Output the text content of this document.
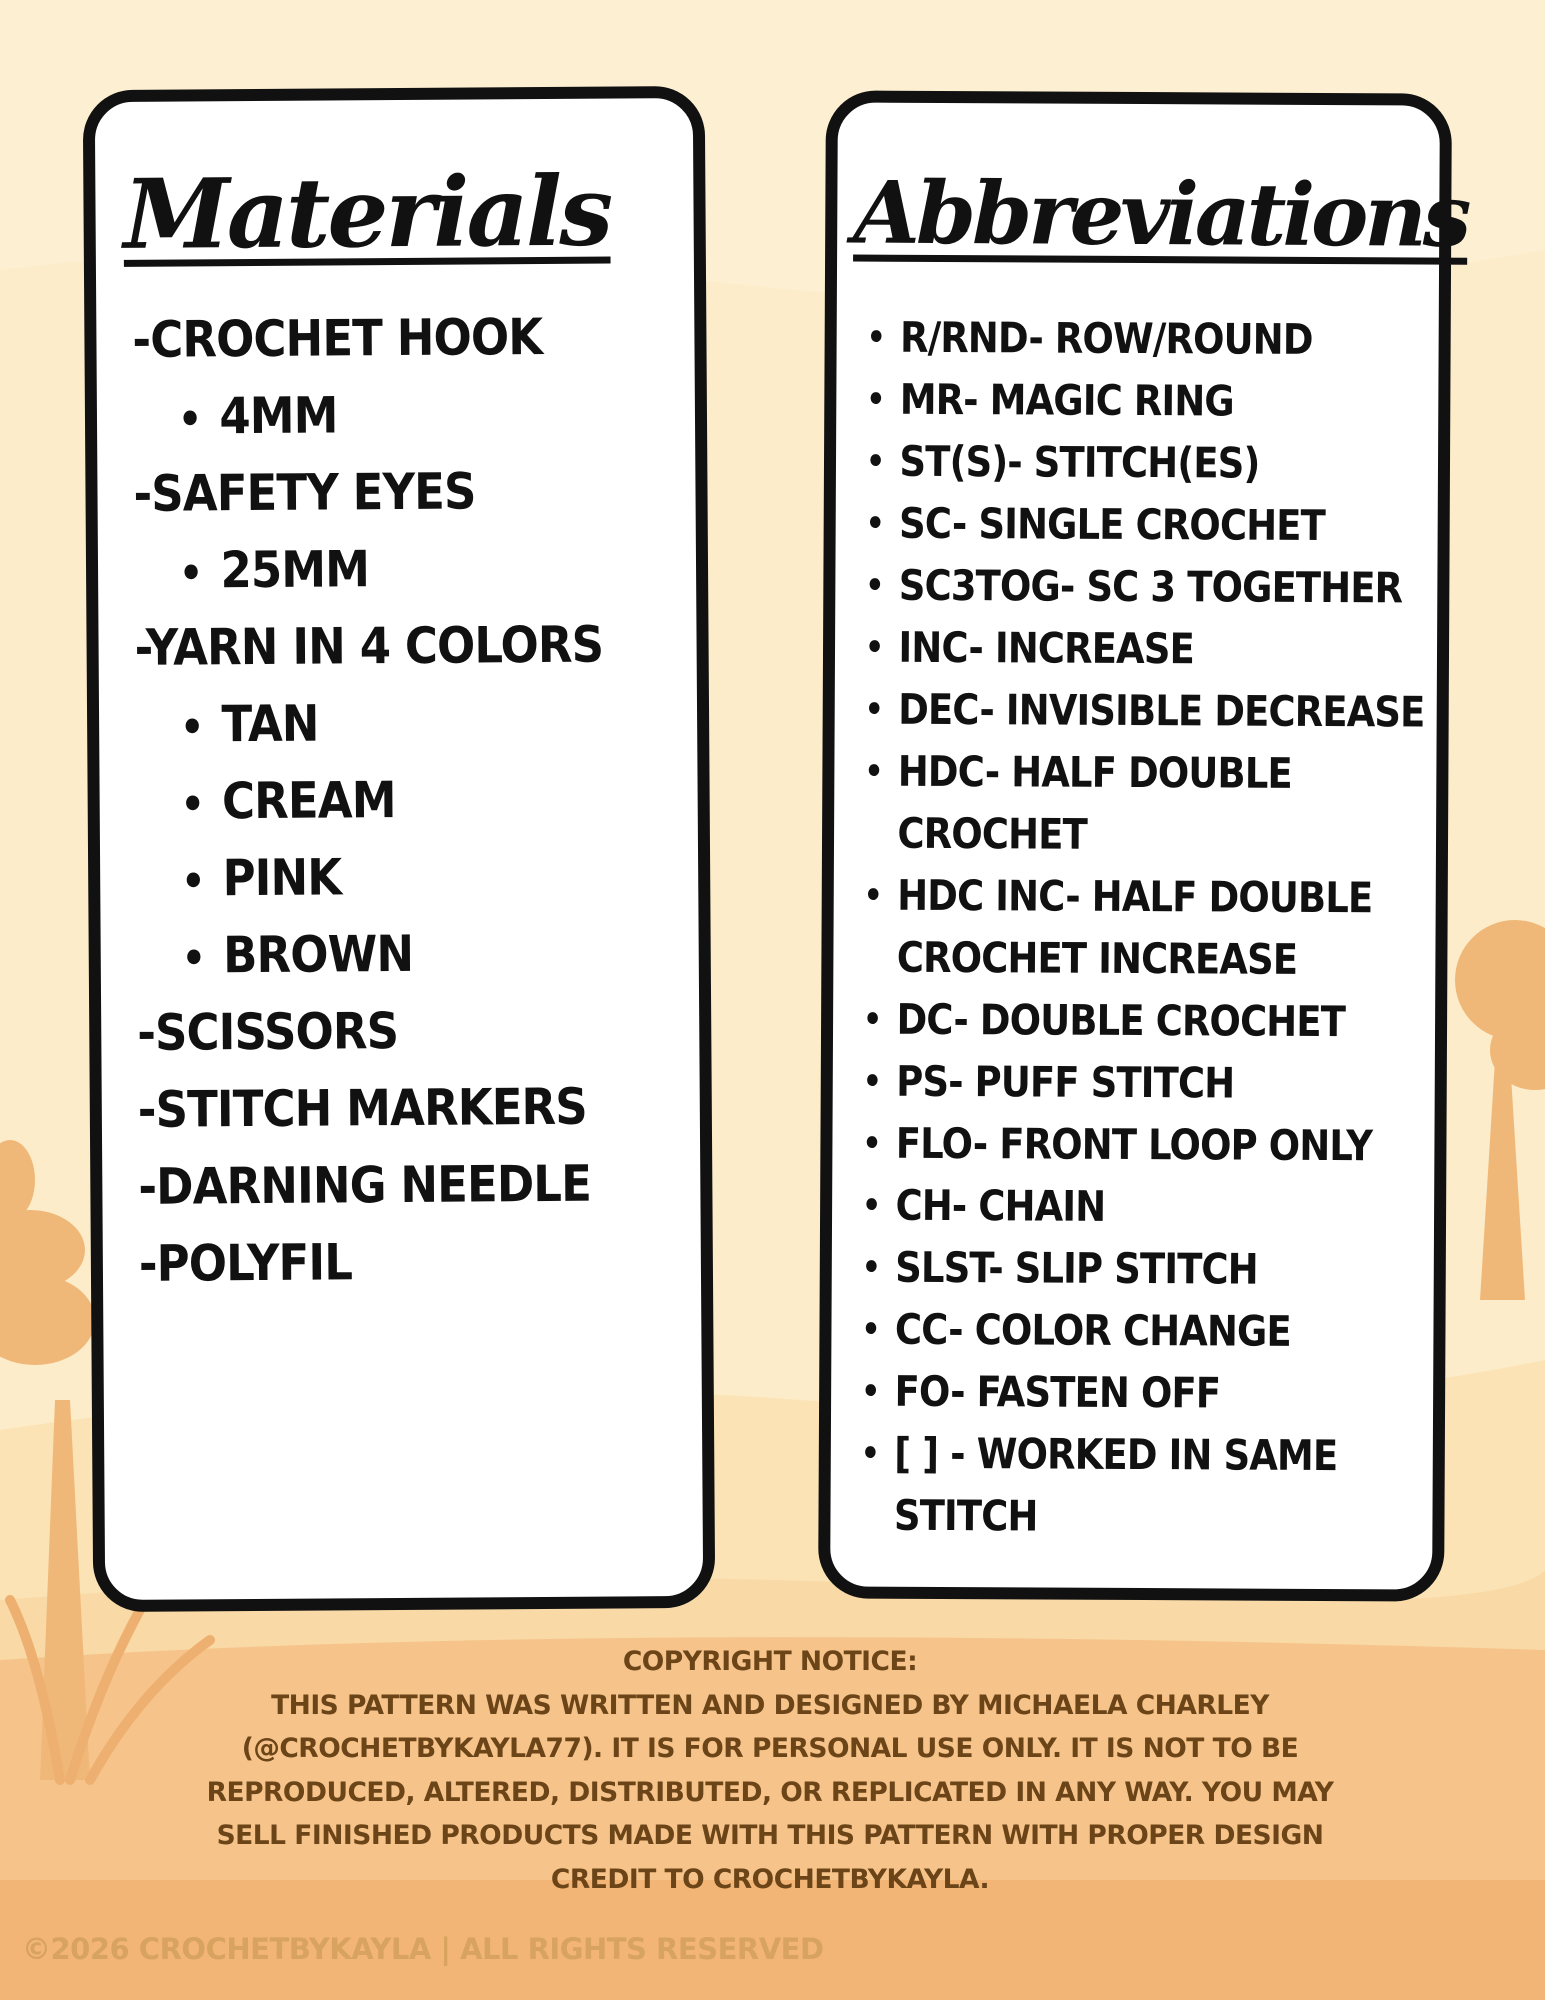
Materials
-CROCHET HOOK
• 4MM
-SAFETY EYES
• 25MM
-YARN IN 4 COLORS
• TAN
• CREAM
• PINK
• BROWN
-SCISSORS
-STITCH MARKERS
-DARNING NEEDLE
-POLYFIL
Abbreviations
• R/RND- ROW/ROUND
• MR- MAGIC RING
• ST(S)- STITCH(ES)
• SC- SINGLE CROCHET
• SC3TOG- SC 3 TOGETHER
• INC- INCREASE
• DEC- INVISIBLE DECREASE
• HDC- HALF DOUBLE
CROCHET
• HDC INC- HALF DOUBLE
CROCHET INCREASE
• DC- DOUBLE CROCHET
• PS- PUFF STITCH
• FLO- FRONT LOOP ONLY
• CH- CHAIN
• SLST- SLIP STITCH
• CC- COLOR CHANGE
• FO- FASTEN OFF
• [ ] - WORKED IN SAME
STITCH
COPYRIGHT NOTICE:
THIS PATTERN WAS WRITTEN AND DESIGNED BY MICHAELA CHARLEY
(@CROCHETBYKAYLA77). IT IS FOR PERSONAL USE ONLY. IT IS NOT TO BE
REPRODUCED, ALTERED, DISTRIBUTED, OR REPLICATED IN ANY WAY. YOU MAY
SELL FINISHED PRODUCTS MADE WITH THIS PATTERN WITH PROPER DESIGN
CREDIT TO CROCHETBYKAYLA.
©2026 CROCHETBYKAYLA | ALL RIGHTS RESERVED
